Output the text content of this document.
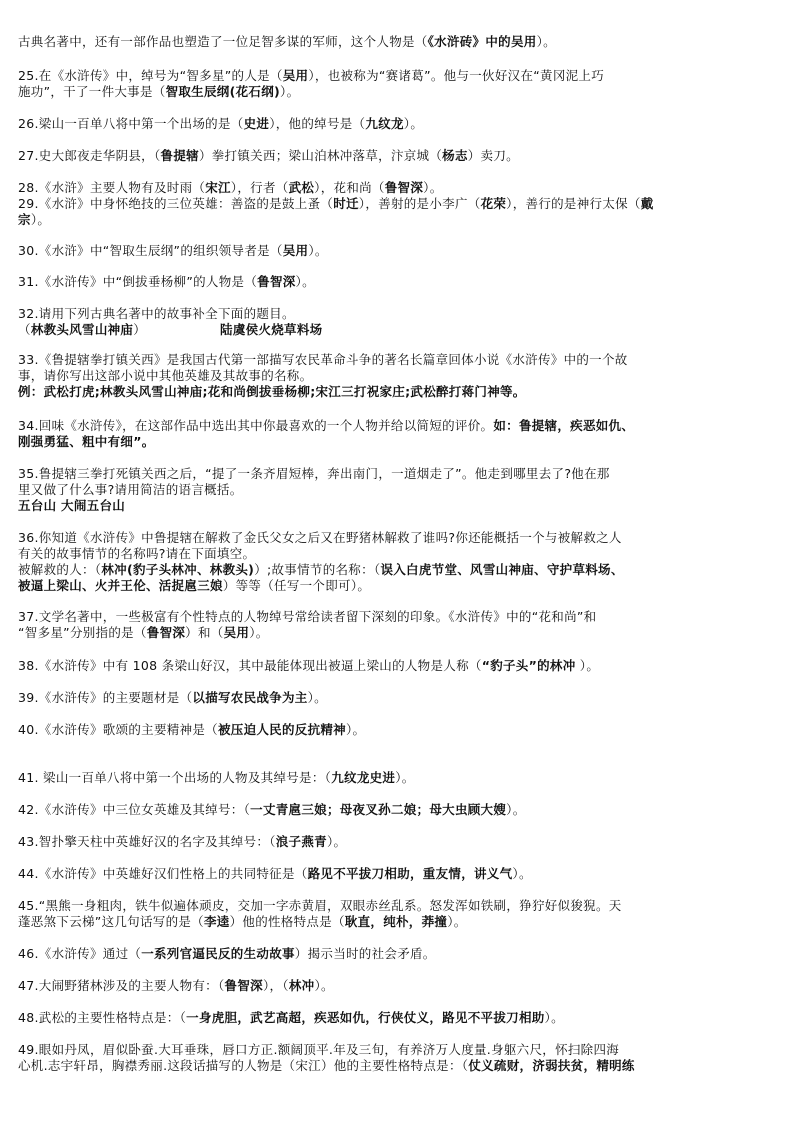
古典名著中，还有一部作品也塑造了一位足智多谋的军师，这个人物是（《水浒砖》中的吴用）。
25.在《水浒传》中，绰号为“智多星”的人是（吴用），也被称为“赛诸葛”。他与一伙好汉在“黄冈泥上巧
施功”，干了一件大事是（智取生辰纲(花石纲)）。
26.梁山一百单八将中第一个出场的是（史进），他的绰号是（九纹龙）。
27.史大郎夜走华阴县，（鲁提辖）拳打镇关西；梁山泊林冲落草，汴京城（杨志）卖刀。
28.《水浒》主要人物有及时雨（宋江），行者（武松），花和尚（鲁智深）。
29.《水浒》中身怀绝技的三位英雄：善盗的是鼓上蚤（时迁），善射的是小李广（花荣），善行的是神行太保（戴
宗）。
30.《水浒》中“智取生辰纲”的组织领导者是（吴用）。
31.《水浒传》中“倒拔垂杨柳”的人物是（鲁智深）。
32.请用下列古典名著中的故事补全下面的题目。
（林教头风雪山神庙）	陆虞侯火烧草料场
33.《鲁提辖拳打镇关西》是我国古代第一部描写农民革命斗争的著名长篇章回体小说《水浒传》中的一个故
事，请你写出这部小说中其他英雄及其故事的名称。
例：武松打虎;林教头风雪山神庙;花和尚倒拔垂杨柳;宋江三打祝家庄;武松醉打蒋门神等。
34.回味《水浒传》，在这部作品中选出其中你最喜欢的一个人物并给以简短的评价。如：鲁提辖，疾恶如仇、
刚强勇猛、粗中有细”。
35.鲁提辖三拳打死镇关西之后，“提了一条齐眉短棒，奔出南门，一道烟走了”。他走到哪里去了?他在那
里又做了什么事?请用简洁的语言概括。
五台山 大闹五台山
36.你知道《水浒传》中鲁提辖在解救了金氏父女之后又在野猪林解救了谁吗?你还能概括一个与被解救之人
有关的故事情节的名称吗?请在下面填空。
被解救的人：（林冲(豹子头林冲、林教头)）;故事情节的名称：（误入白虎节堂、风雪山神庙、守护草料场、
被逼上梁山、火并王伦、活捉扈三娘）等等（任写一个即可）。
37.文学名著中，一些极富有个性特点的人物绰号常给读者留下深刻的印象。《水浒传》中的“花和尚”和
“智多星”分别指的是（鲁智深）和（吴用）。
38.《水浒传》中有 108 条梁山好汉，其中最能体现出被逼上梁山的人物是人称（“豹子头”的林冲 ）。
39.《水浒传》的主要题材是（以描写农民战争为主）。
40.《水浒传》歌颂的主要精神是（被压迫人民的反抗精神）。
41. 梁山一百单八将中第一个出场的人物及其绰号是：（九纹龙史进）。
42.《水浒传》中三位女英雄及其绰号：（一丈青扈三娘；母夜叉孙二娘；母大虫顾大嫂）。
43.智扑擎天柱中英雄好汉的名字及其绰号：（浪子燕青）。
44.《水浒传》中英雄好汉们性格上的共同特征是（路见不平拔刀相助，重友情，讲义气）。
45.“黑熊一身粗肉，铁牛似遍体顽皮，交加一字赤黄眉，双眼赤丝乱系。怒发浑如铁刷，狰狞好似狻猊。天
蓬恶煞下云梯”这几句话写的是（李逵）他的性格特点是（耿直，纯朴，莽撞）。
46.《水浒传》通过（一系列官逼民反的生动故事）揭示当时的社会矛盾。
47.大闹野猪林涉及的主要人物有：（鲁智深），（林冲）。
48.武松的主要性格特点是：（一身虎胆，武艺高超，疾恶如仇，行侠仗义，路见不平拔刀相助）。
49.眼如丹凤，眉似卧蚕.大耳垂珠，唇口方正.额阔顶平.年及三旬，有养济万人度量.身躯六尺，怀扫除四海
心机.志宇轩昂，胸襟秀丽.这段话描写的人物是（宋江）他的主要性格特点是：（仗义疏财，济弱扶贫，精明练
